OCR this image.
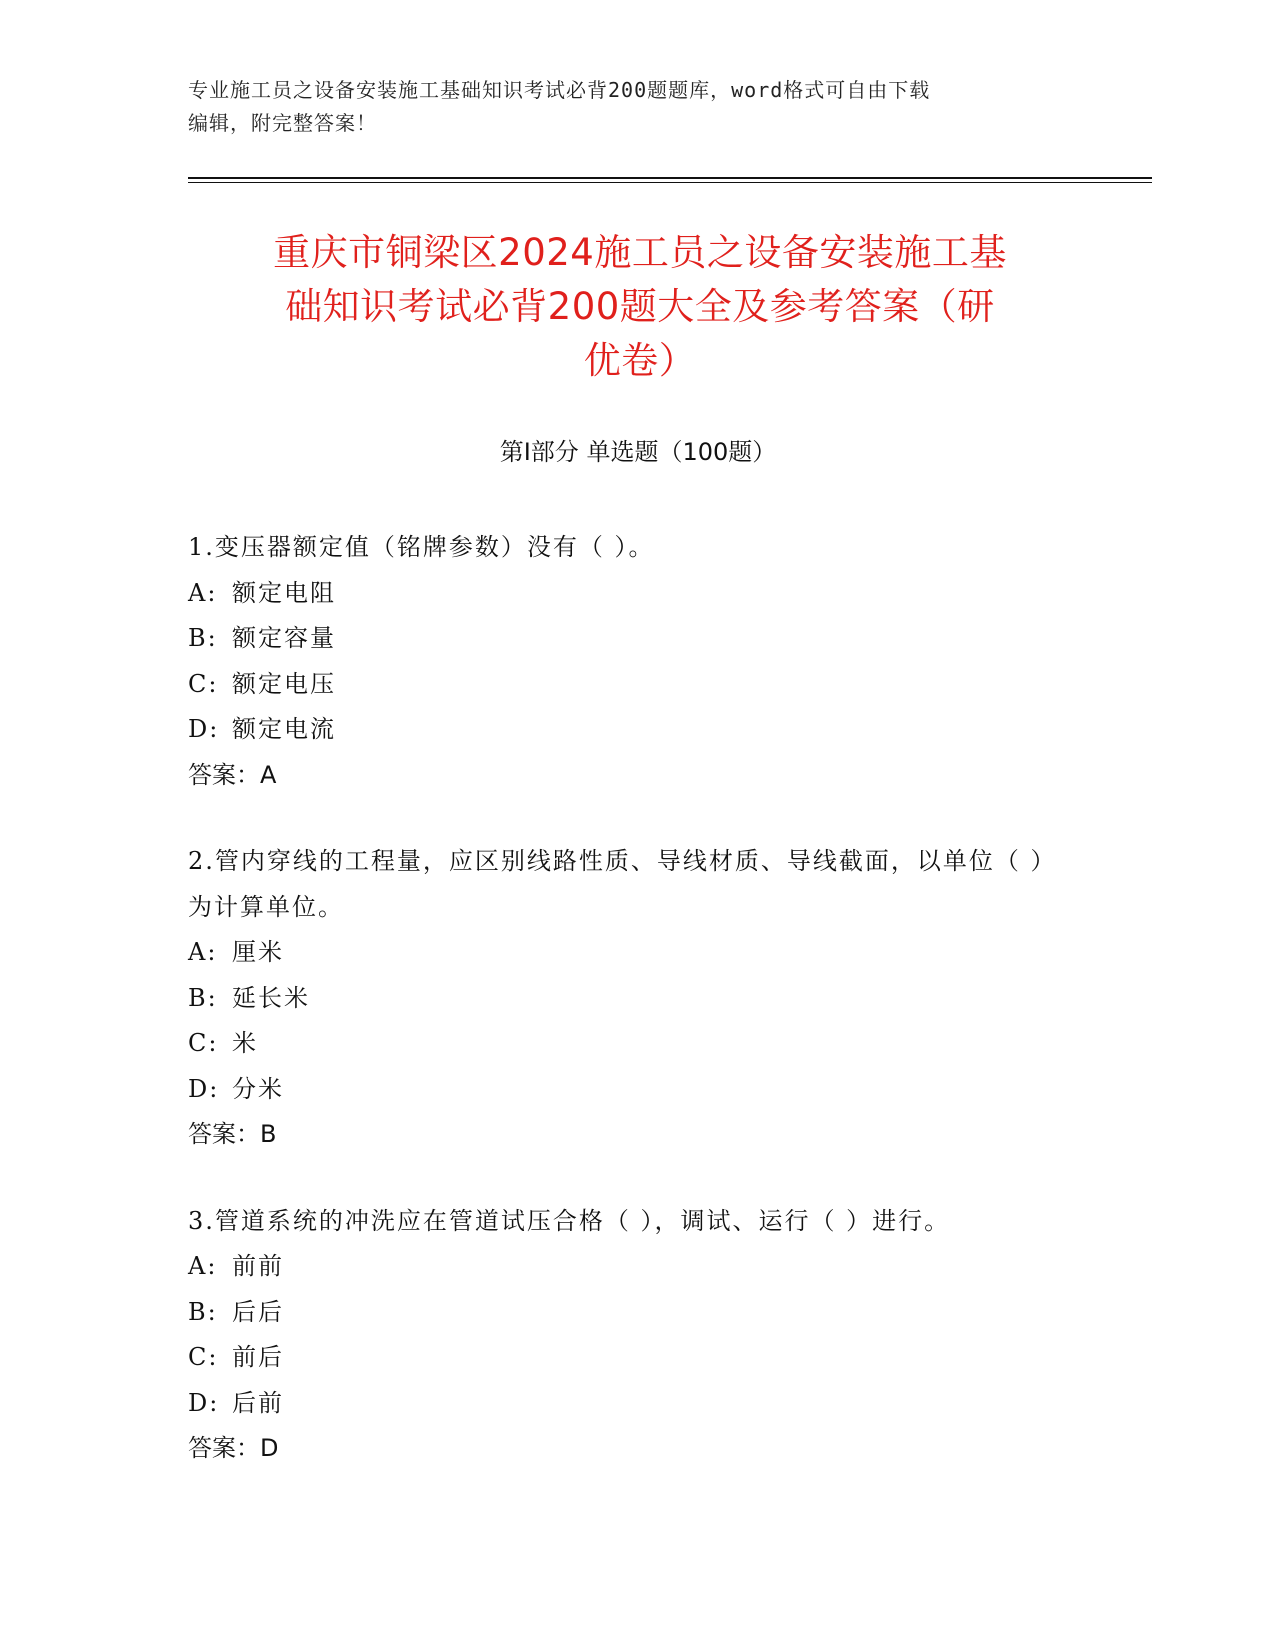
专业施工员之设备安装施工基础知识考试必背200题题库，word格式可自由下载
编辑，附完整答案！
重庆市铜梁区2024施工员之设备安装施工基
础知识考试必背200题大全及参考答案（研
优卷）
第Ⅰ部分 单选题（100题）
1.变压器额定值（铭牌参数）没有（ ）。
A: 额定电阻
B: 额定容量
C: 额定电压
D: 额定电流
答案：A
2.管内穿线的工程量，应区别线路性质、导线材质、导线截面，以单位（ ）为计算单位。
A: 厘米
B: 延长米
C: 米
D: 分米
答案：B
3.管道系统的冲洗应在管道试压合格（ ），调试、运行（ ）进行。
A: 前前
B: 后后
C: 前后
D: 后前
答案：D
